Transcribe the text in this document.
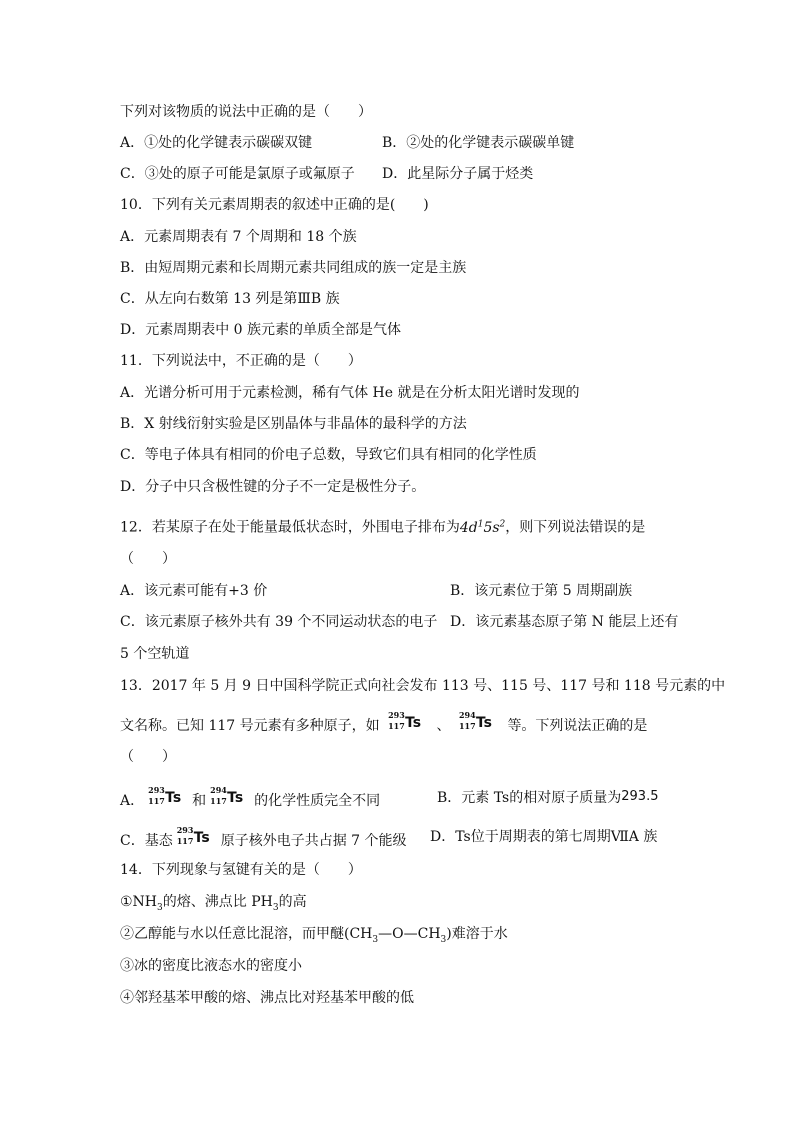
下列对该物质的说法中正确的是（　　）
A．①处的化学键表示碳碳双键	B．②处的化学键表示碳碳单键
C．③处的原子可能是氯原子或氟原子 D．此星际分子属于烃类
10．下列有关元素周期表的叙述中正确的是(　　)
A．元素周期表有 7 个周期和 18 个族
B．由短周期元素和长周期元素共同组成的族一定是主族
C．从左向右数第 13 列是第ⅢB 族
D．元素周期表中 0 族元素的单质全部是气体
11．下列说法中，不正确的是（　　）
A．光谱分析可用于元素检测，稀有气体 He 就是在分析太阳光谱时发现的
B．X 射线衍射实验是区别晶体与非晶体的最科学的方法
C．等电子体具有相同的价电子总数，导致它们具有相同的化学性质
D．分子中只含极性键的分子不一定是极性分子。
12．若某原子在处于能量最低状态时，外围电子排布为$4d^15s^2$，则下列说法错误的是
（　　）
A．该元素可能有+3 价	B．该元素位于第 5 周期副族
C．该元素原子核外共有 39 个不同运动状态的电子 D．该元素基态原子第 N 能层上还有
5 个空轨道
13．2017 年 5 月 9 日中国科学院正式向社会发布 113 号、115 号、117 号和 118 号元素的中
文名称。已知 117 号元素有多种原子，如
293
117 Ts 、
294
117 Ts 等。下列说法正确的是
（　　）
A．
293
117 Ts 和
294
117 Ts 的化学性质完全不同	B．元素 Ts的相对原子质量为293.5
C．基态
293
117 Ts 原子核外电子共占据 7 个能级 D．Ts位于周期表的第七周期ⅦA 族
14．下列现象与氢键有关的是（　　）
$①NH_3$的熔、沸点比 $PH_3$的高
②乙醇能与水以任意比混溶，而甲醚$(CH_3—O—CH_3)$难溶于水
③冰的密度比液态水的密度小
④邻羟基苯甲酸的熔、沸点比对羟基苯甲酸的低
